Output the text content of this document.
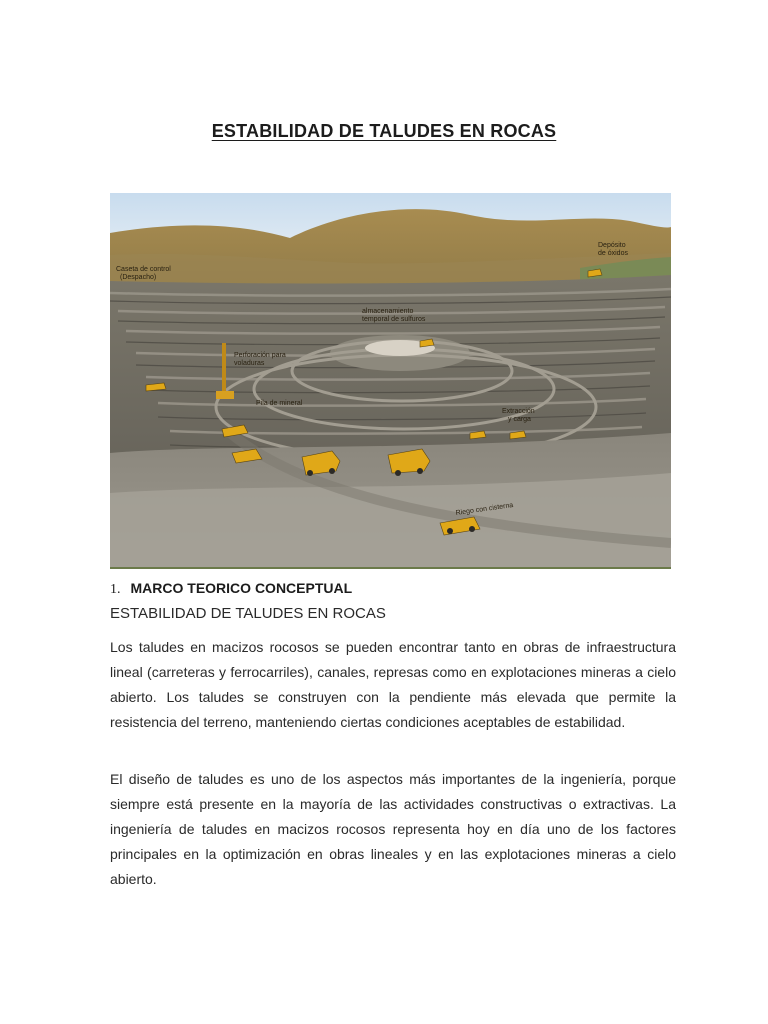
ESTABILIDAD DE TALUDES EN ROCAS
Caseta de control
(Despacho)
Depósito
de óxidos
almacenamiento
temporal de sulfuros
Perforación para
voladuras
Pila de mineral
Extracción
y carga
Riego con cisterna
1. MARCO TEORICO CONCEPTUAL
ESTABILIDAD DE TALUDES EN ROCAS

Los taludes en macizos rocosos se pueden encontrar tanto en obras de infraestructura lineal (carreteras y ferrocarriles), canales, represas como en explotaciones mineras a cielo abierto. Los taludes se construyen con la pendiente más elevada que permite la resistencia del terreno, manteniendo ciertas condiciones aceptables de estabilidad.

El diseño de taludes es uno de los aspectos más importantes de la ingeniería, porque siempre está presente en la mayoría de las actividades constructivas o extractivas. La ingeniería de taludes en macizos rocosos representa hoy en día uno de los factores principales en la optimización en obras lineales y en las explotaciones mineras a cielo abierto.
